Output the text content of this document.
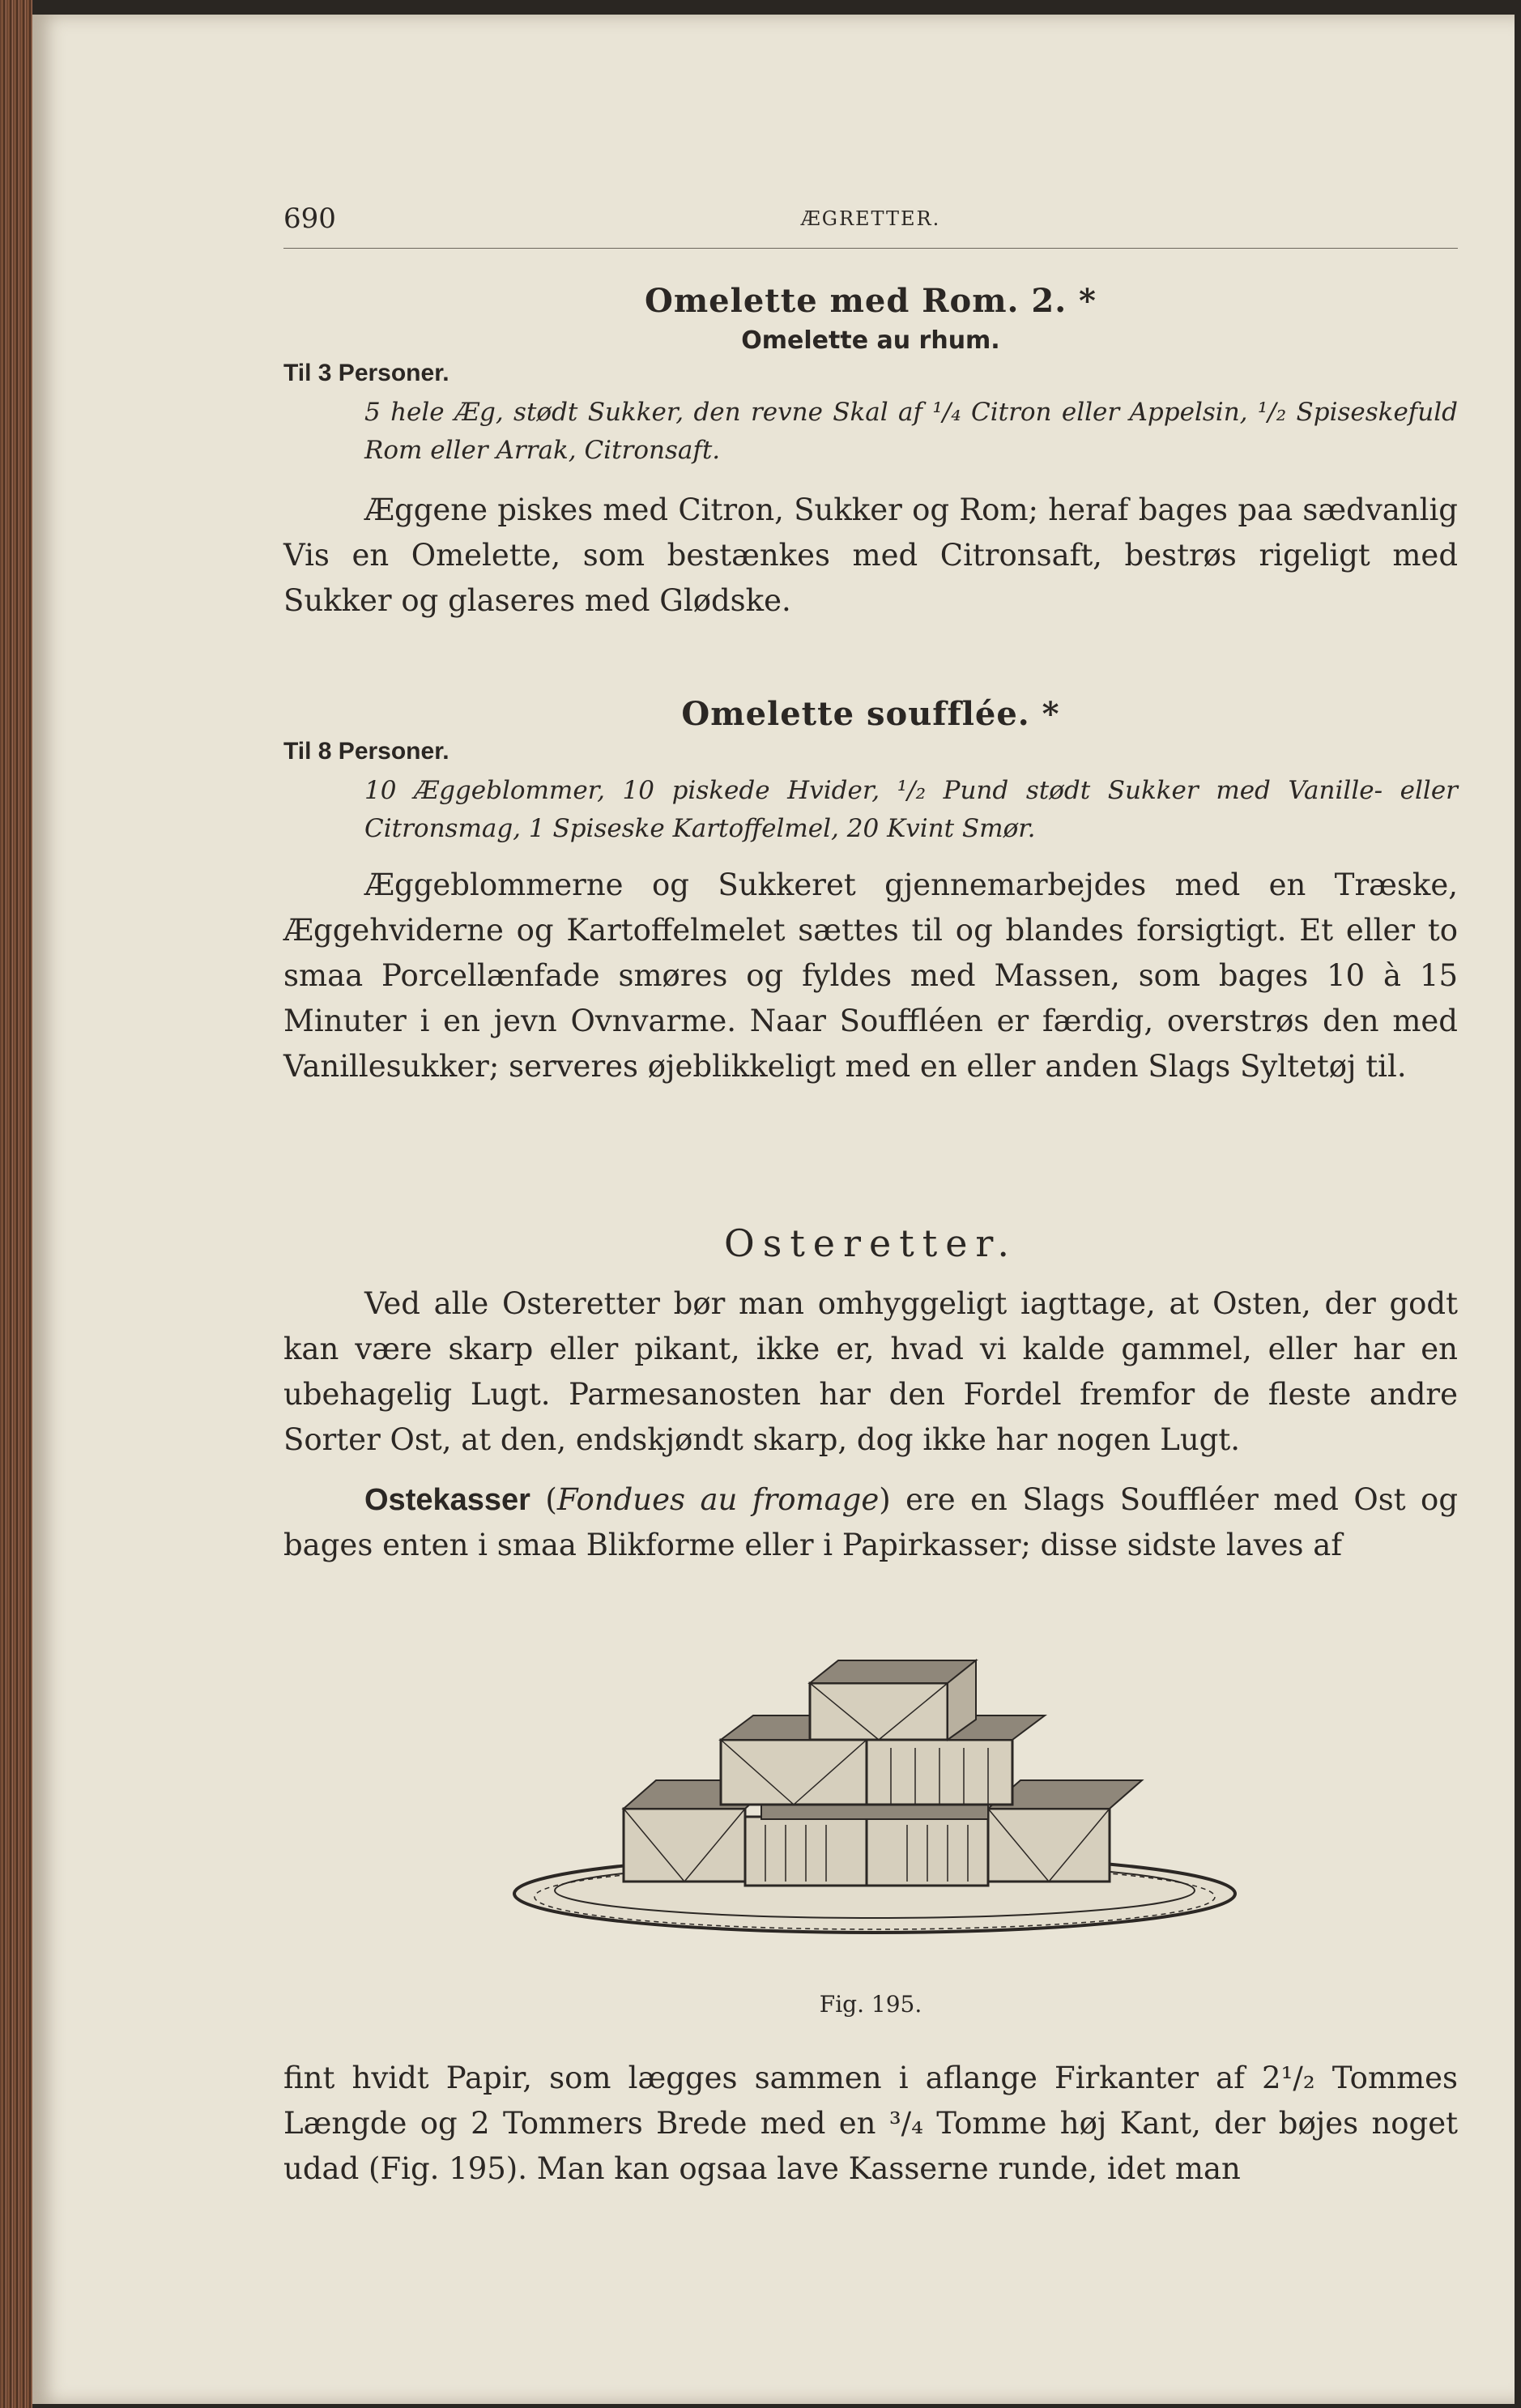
690	ÆGRETTER.
Omelette med Rom. 2. *
Omelette au rhum.
Til 3 Personer.
5 hele Æg, stødt Sukker, den revne Skal af ¹/₄ Citron eller Appelsin, ¹/₂ Spiseskefuld Rom eller Arrak, Citronsaft.

Æggene piskes med Citron, Sukker og Rom; heraf bages paa sædvanlig Vis en Omelette, som bestænkes med Citronsaft, bestrøs rigeligt med Sukker og glaseres med Glødske.

Omelette soufflée. *
Til 8 Personer.
10 Æggeblommer, 10 piskede Hvider, ¹/₂ Pund stødt Sukker med Vanille- eller Citronsmag, 1 Spiseske Kartoffelmel, 20 Kvint Smør.

Æggeblommerne og Sukkeret gjennemarbejdes med en Træske, Æggehviderne og Kartoffelmelet sættes til og blandes forsigtigt. Et eller to smaa Porcellænfade smøres og fyldes med Massen, som bages 10 à 15 Minuter i en jevn Ovnvarme. Naar Souffléen er færdig, overstrøs den med Vanillesukker; serveres øjeblikkeligt med en eller anden Slags Syltetøj til.

Osteretter.

Ved alle Osteretter bør man omhyggeligt iagttage, at Osten, der godt kan være skarp eller pikant, ikke er, hvad vi kalde gammel, eller har en ubehagelig Lugt. Parmesanosten har den Fordel fremfor de fleste andre Sorter Ost, at den, endskjøndt skarp, dog ikke har nogen Lugt.

Ostekasser (Fondues au fromage) ere en Slags Souffléer med Ost og bages enten i smaa Blikforme eller i Papirkasser; disse sidste laves af

Fig. 195.

fint hvidt Papir, som lægges sammen i aflange Firkanter af 2¹/₂ Tommes Længde og 2 Tommers Brede med en ³/₄ Tomme høj Kant, der bøjes noget udad (Fig. 195). Man kan ogsaa lave Kasserne runde, idet man
